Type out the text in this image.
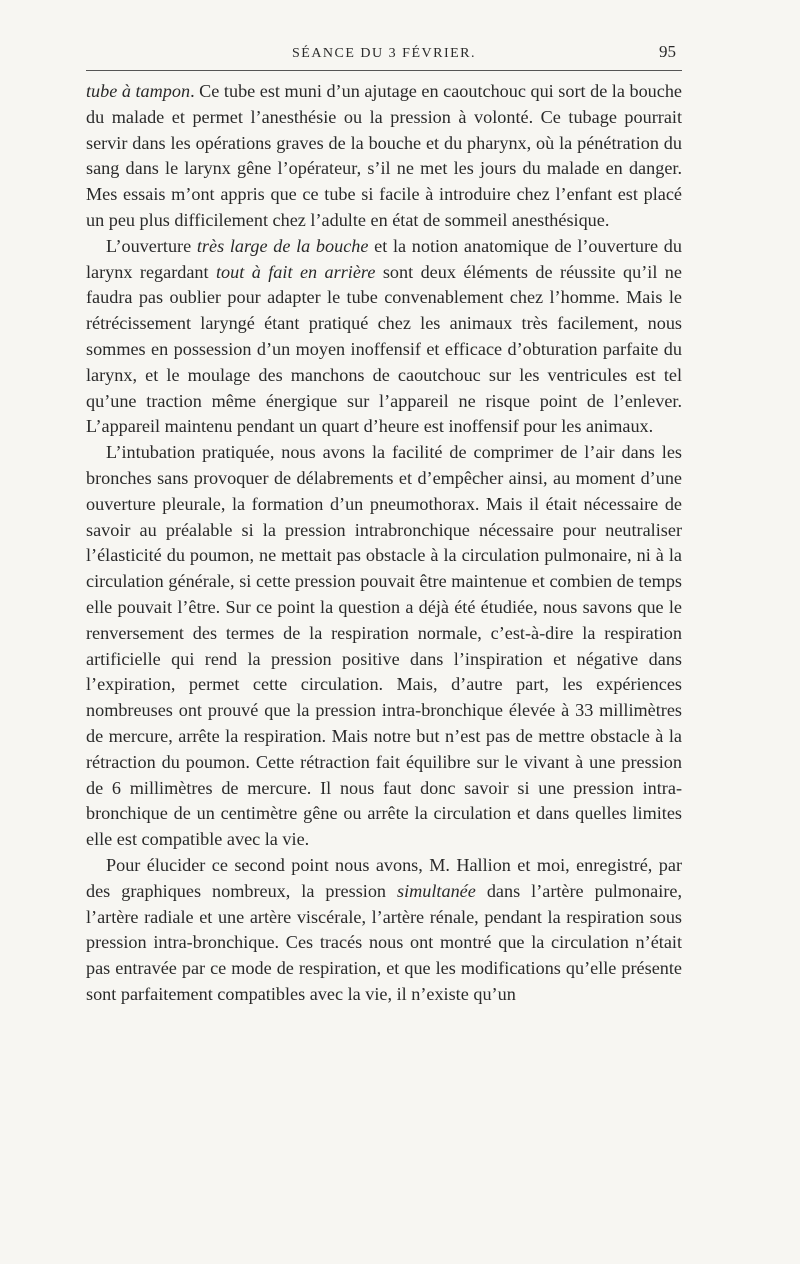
SÉANCE DU 3 FÉVRIER.	95

tube à tampon. Ce tube est muni d’un ajutage en caoutchouc qui sort de la bouche du malade et permet l’anesthésie ou la pression à volonté. Ce tubage pourrait servir dans les opérations graves de la bouche et du pharynx, où la pénétration du sang dans le larynx gêne l’opérateur, s’il ne met les jours du malade en danger. Mes essais m’ont appris que ce tube si facile à introduire chez l’enfant est placé un peu plus difficilement chez l’adulte en état de sommeil anesthésique.

L’ouverture très large de la bouche et la notion anatomique de l’ouverture du larynx regardant tout à fait en arrière sont deux éléments de réussite qu’il ne faudra pas oublier pour adapter le tube convenablement chez l’homme. Mais le rétrécissement laryngé étant pratiqué chez les animaux très facilement, nous sommes en possession d’un moyen inoffensif et efficace d’obturation parfaite du larynx, et le moulage des manchons de caoutchouc sur les ventricules est tel qu’une traction même énergique sur l’appareil ne risque point de l’enlever. L’appareil maintenu pendant un quart d’heure est inoffensif pour les animaux.

L’intubation pratiquée, nous avons la facilité de comprimer de l’air dans les bronches sans provoquer de délabrements et d’empêcher ainsi, au moment d’une ouverture pleurale, la formation d’un pneumothorax. Mais il était nécessaire de savoir au préalable si la pression intrabronchique nécessaire pour neutraliser l’élasticité du poumon, ne mettait pas obstacle à la circulation pulmonaire, ni à la circulation générale, si cette pression pouvait être maintenue et combien de temps elle pouvait l’être. Sur ce point la question a déjà été étudiée, nous savons que le renversement des termes de la respiration normale, c’est-à-dire la respiration artificielle qui rend la pression positive dans l’inspiration et négative dans l’expiration, permet cette circulation. Mais, d’autre part, les expériences nombreuses ont prouvé que la pression intra-bronchique élevée à 33 millimètres de mercure, arrête la respiration. Mais notre but n’est pas de mettre obstacle à la rétraction du poumon. Cette rétraction fait équilibre sur le vivant à une pression de 6 millimètres de mercure. Il nous faut donc savoir si une pression intra-bronchique de un centimètre gêne ou arrête la circulation et dans quelles limites elle est compatible avec la vie.

Pour élucider ce second point nous avons, M. Hallion et moi, enregistré, par des graphiques nombreux, la pression simultanée dans l’artère pulmonaire, l’artère radiale et une artère viscérale, l’artère rénale, pendant la respiration sous pression intra-bronchique. Ces tracés nous ont montré que la circulation n’était pas entravée par ce mode de respiration, et que les modifications qu’elle présente sont parfaitement compatibles avec la vie, il n’existe qu’un
